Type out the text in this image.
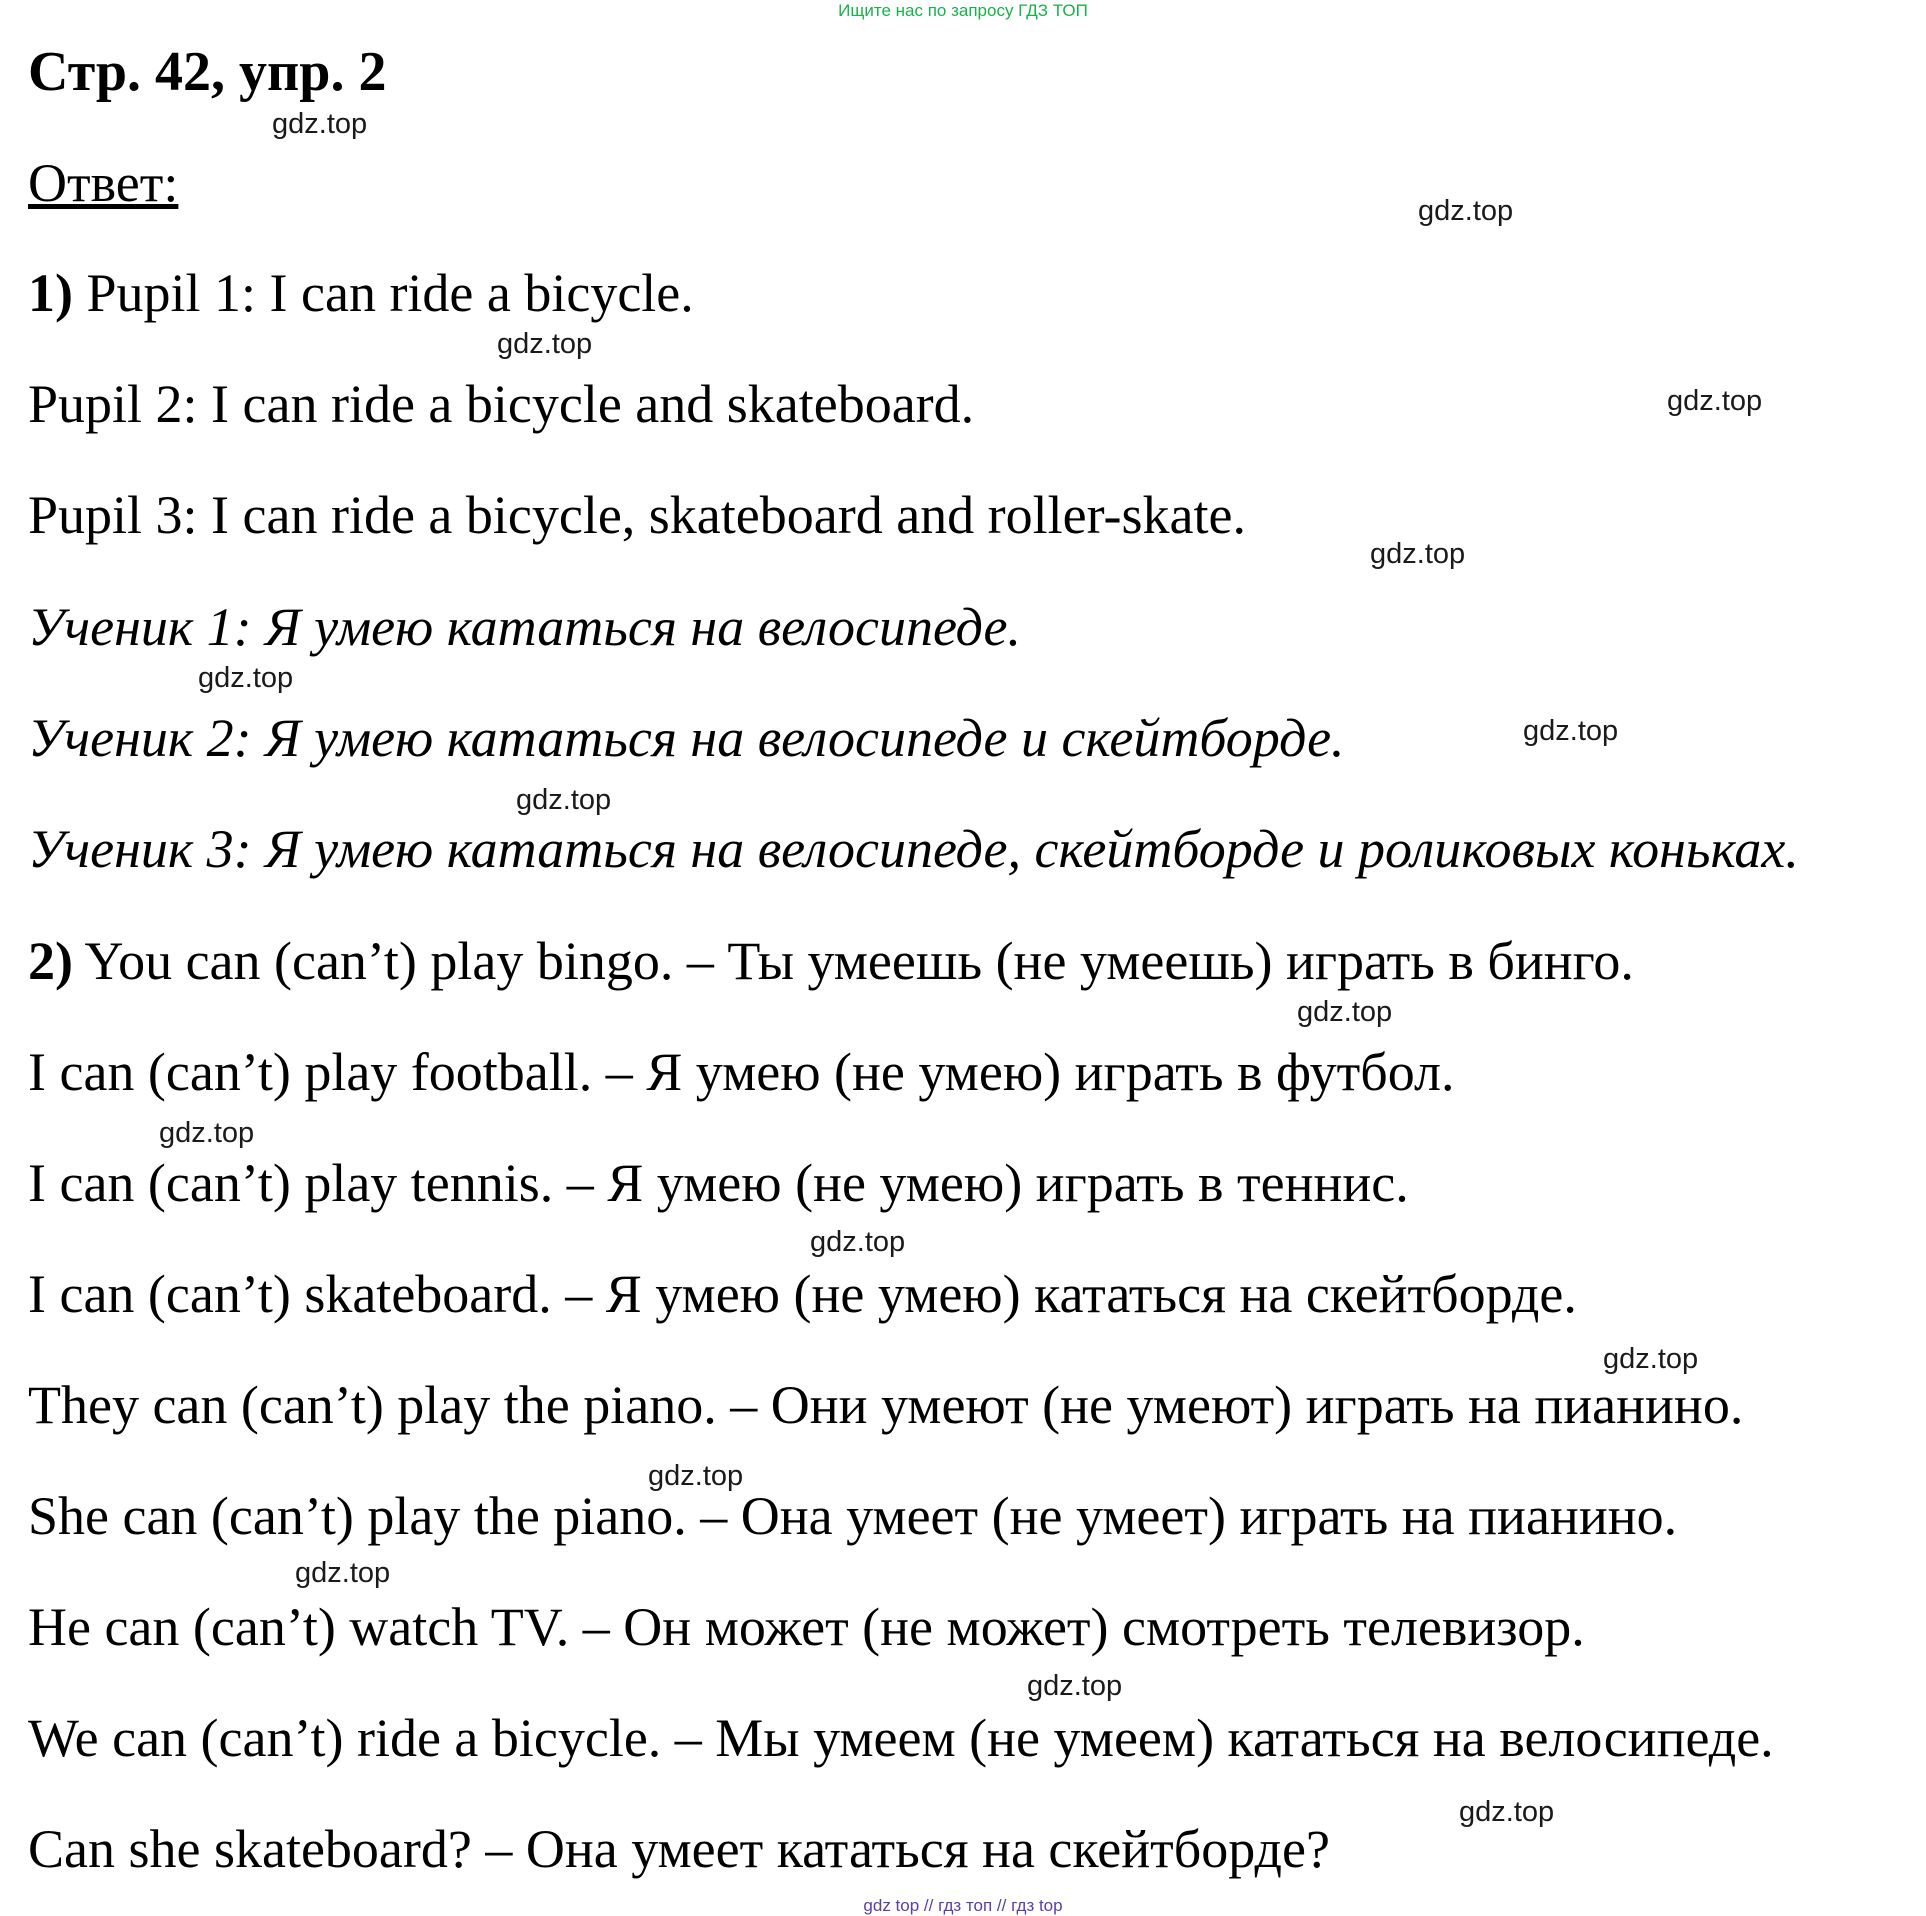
Ищите нас по запросу ГДЗ ТОП
Стр. 42, упр. 2
Ответ:
1) Pupil 1: I can ride a bicycle.
Pupil 2: I can ride a bicycle and skateboard.
Pupil 3: I can ride a bicycle, skateboard and roller-skate.
Ученик 1: Я умею кататься на велосипеде.
Ученик 2: Я умею кататься на велосипеде и скейтборде.
Ученик 3: Я умею кататься на велосипеде, скейтборде и роликовых коньках.
2) You can (can’t) play bingo. – Ты умеешь (не умеешь) играть в бинго.
I can (can’t) play football. – Я умею (не умею) играть в футбол.
I can (can’t) play tennis. – Я умею (не умею) играть в теннис.
I can (can’t) skateboard. – Я умею (не умею) кататься на скейтборде.
They can (can’t) play the piano. – Они умеют (не умеют) играть на пианино.
She can (can’t) play the piano. – Она умеет (не умеет) играть на пианино.
He can (can’t) watch TV. – Он может (не может) смотреть телевизор.
We can (can’t) ride a bicycle. – Мы умеем (не умеем) кататься на велосипеде.
Can she skateboard? – Она умеет кататься на скейтборде?
gdz.top
gdz.top
gdz.top
gdz.top
gdz.top
gdz.top
gdz.top
gdz.top
gdz.top
gdz.top
gdz.top
gdz.top
gdz.top
gdz.top
gdz.top
gdz.top
gdz top // гдз топ // гдз top
